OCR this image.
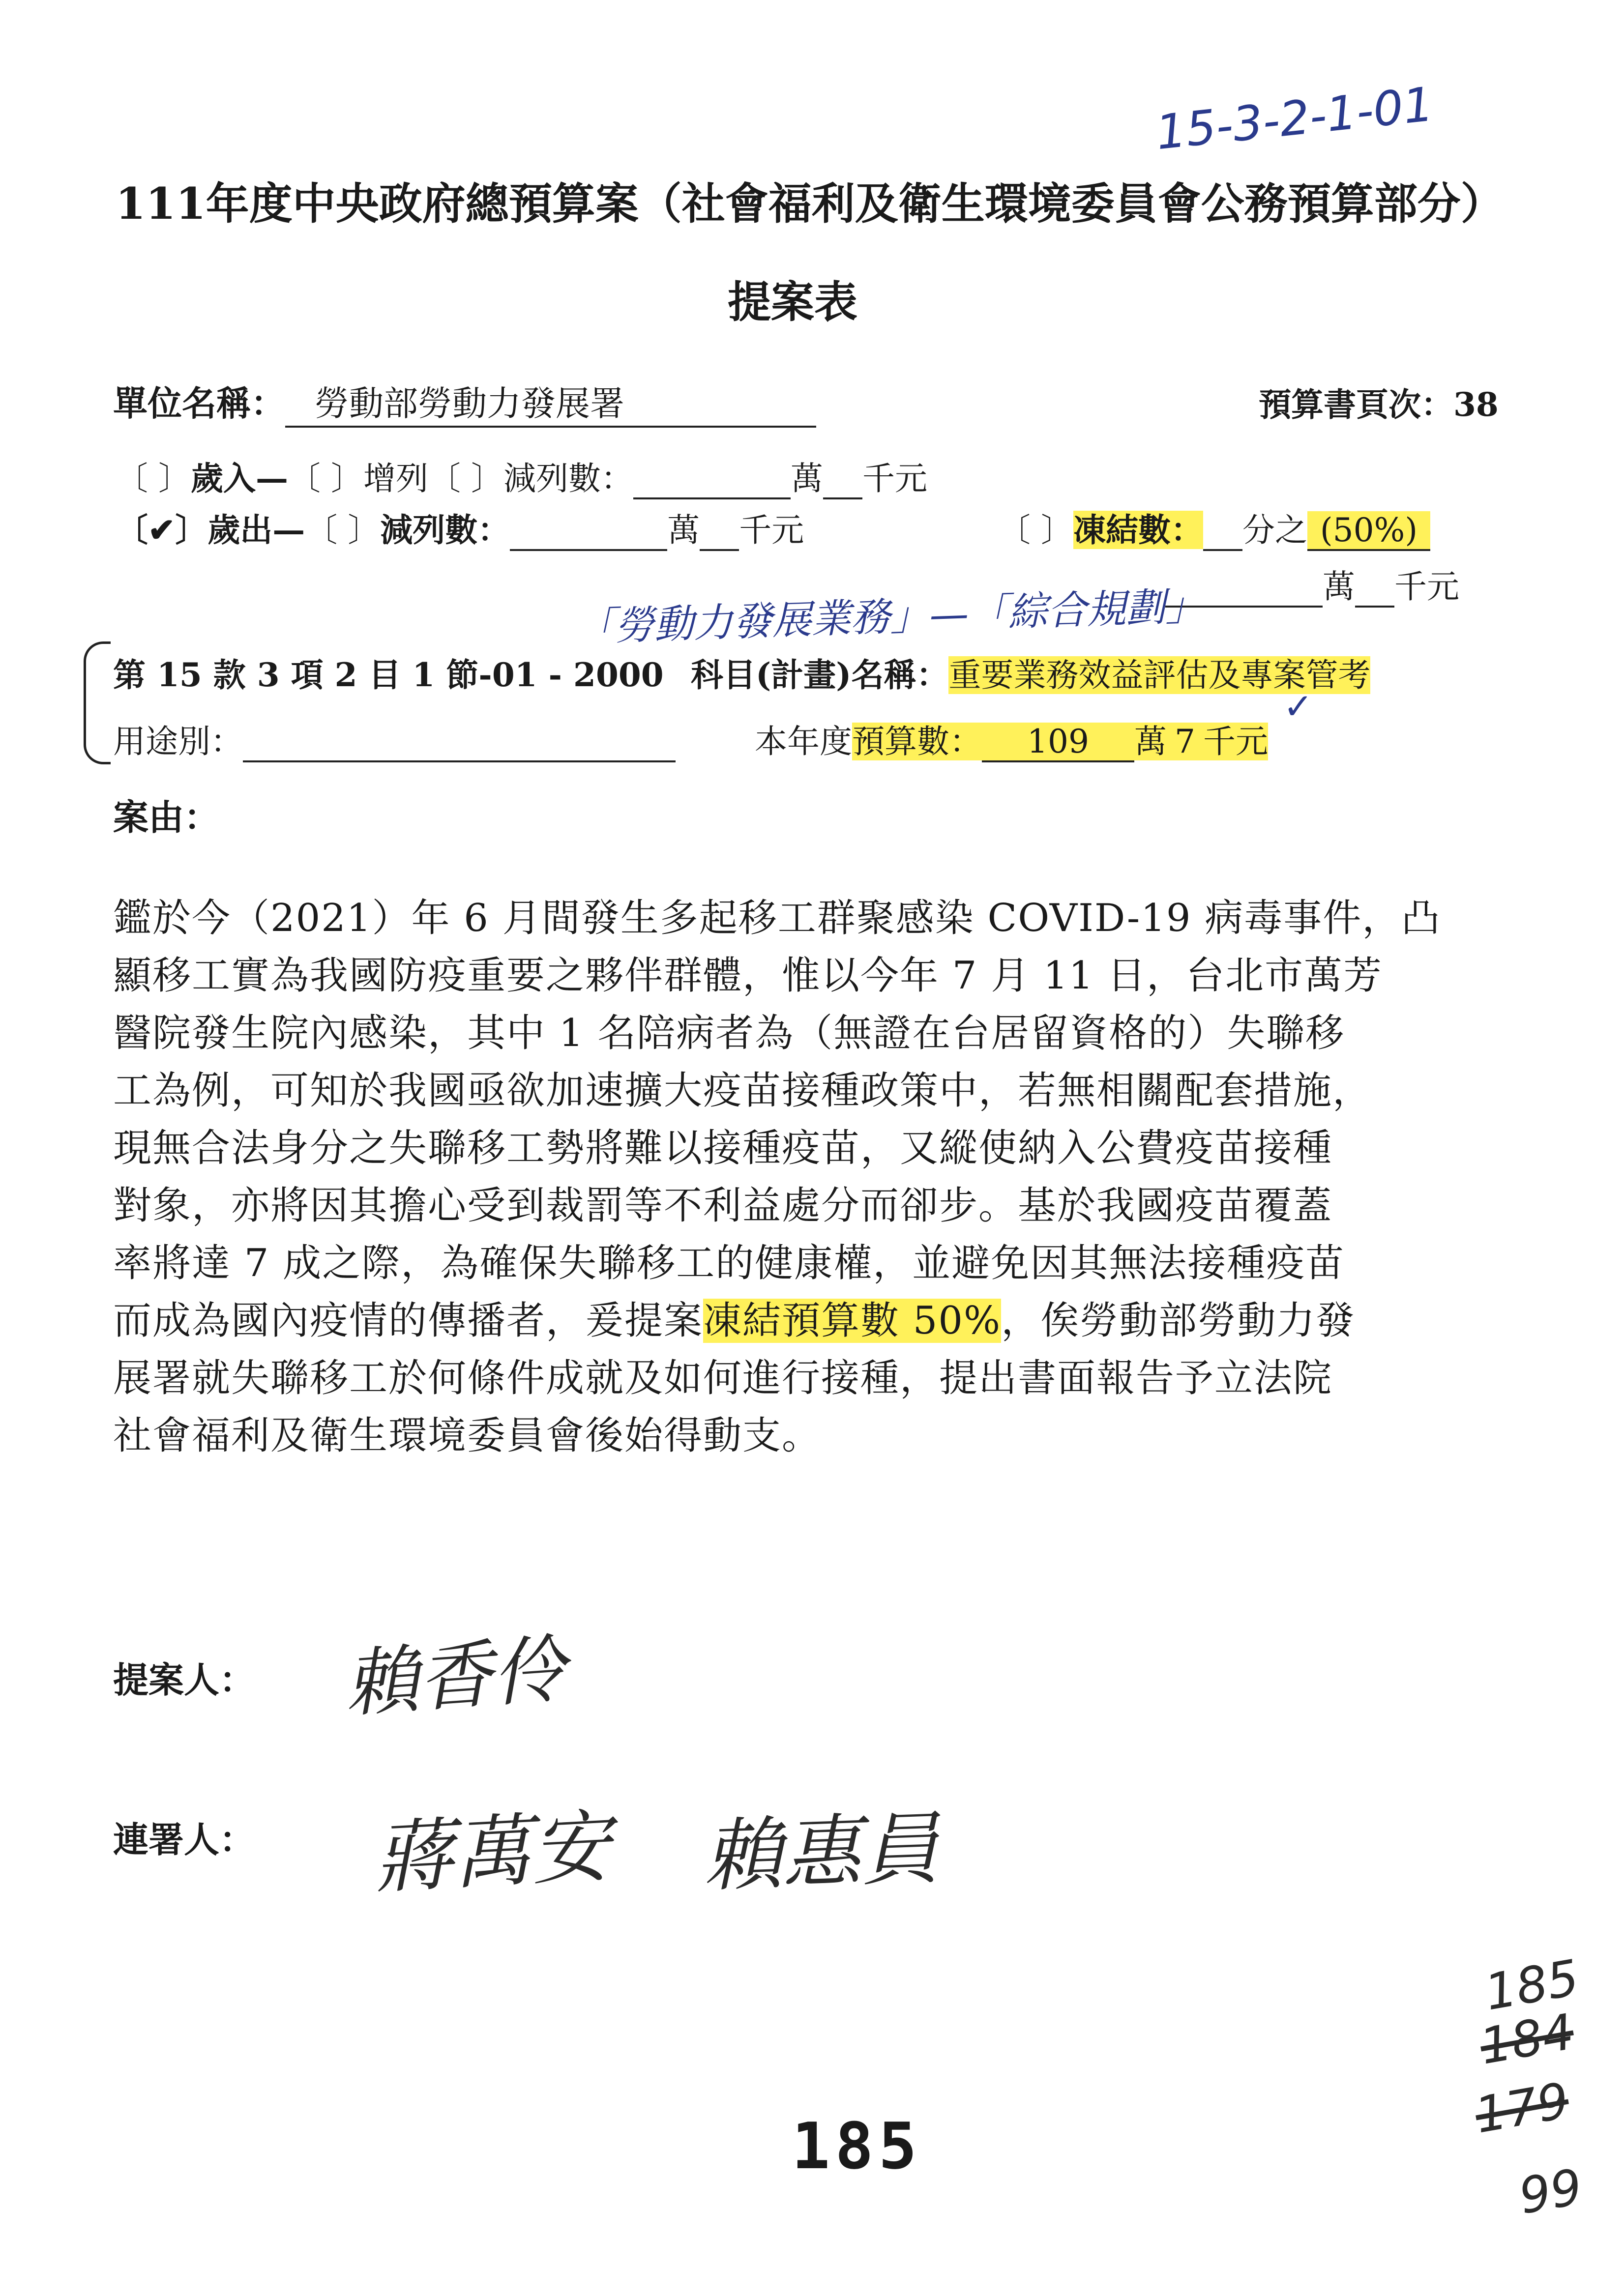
15-3-2-1-01
111年度中央政府總預算案（社會福利及衛生環境委員會公務預算部分）
提案表
單位名稱： 勞動部勞動力發展署	預算書頁次：38
〔 〕歲入—〔 〕增列〔 〕減列數：	萬 千元
〔✔〕歲出—〔 〕減列數：	萬 千元	〔 〕凍結數： 分之 (50%)
萬 千元
「勞動力發展業務」—「綜合規劃」
第 15 款 3 項 2 目 1 節-01 - 2000 科目(計畫)名稱：重要業務效益評估及專案管考
用途別：	本年度預算數： 109 萬 7 千元
✓
案由：
鑑於今（2021）年 6 月間發生多起移工群聚感染 COVID-19 病毒事件，凸
顯移工實為我國防疫重要之夥伴群體，惟以今年 7 月 11 日，台北市萬芳
醫院發生院內感染，其中 1 名陪病者為（無證在台居留資格的）失聯移
工為例，可知於我國亟欲加速擴大疫苗接種政策中，若無相關配套措施，
現無合法身分之失聯移工勢將難以接種疫苗，又縱使納入公費疫苗接種
對象，亦將因其擔心受到裁罰等不利益處分而卻步。基於我國疫苗覆蓋
率將達 7 成之際，為確保失聯移工的健康權，並避免因其無法接種疫苗
而成為國內疫情的傳播者，爰提案凍結預算數 50%，俟勞動部勞動力發
展署就失聯移工於何條件成就及如何進行接種，提出書面報告予立法院
社會福利及衛生環境委員會後始得動支。
提案人： 賴香伶
連署人： 蔣萬安 賴惠員
185
184
179
99
185
